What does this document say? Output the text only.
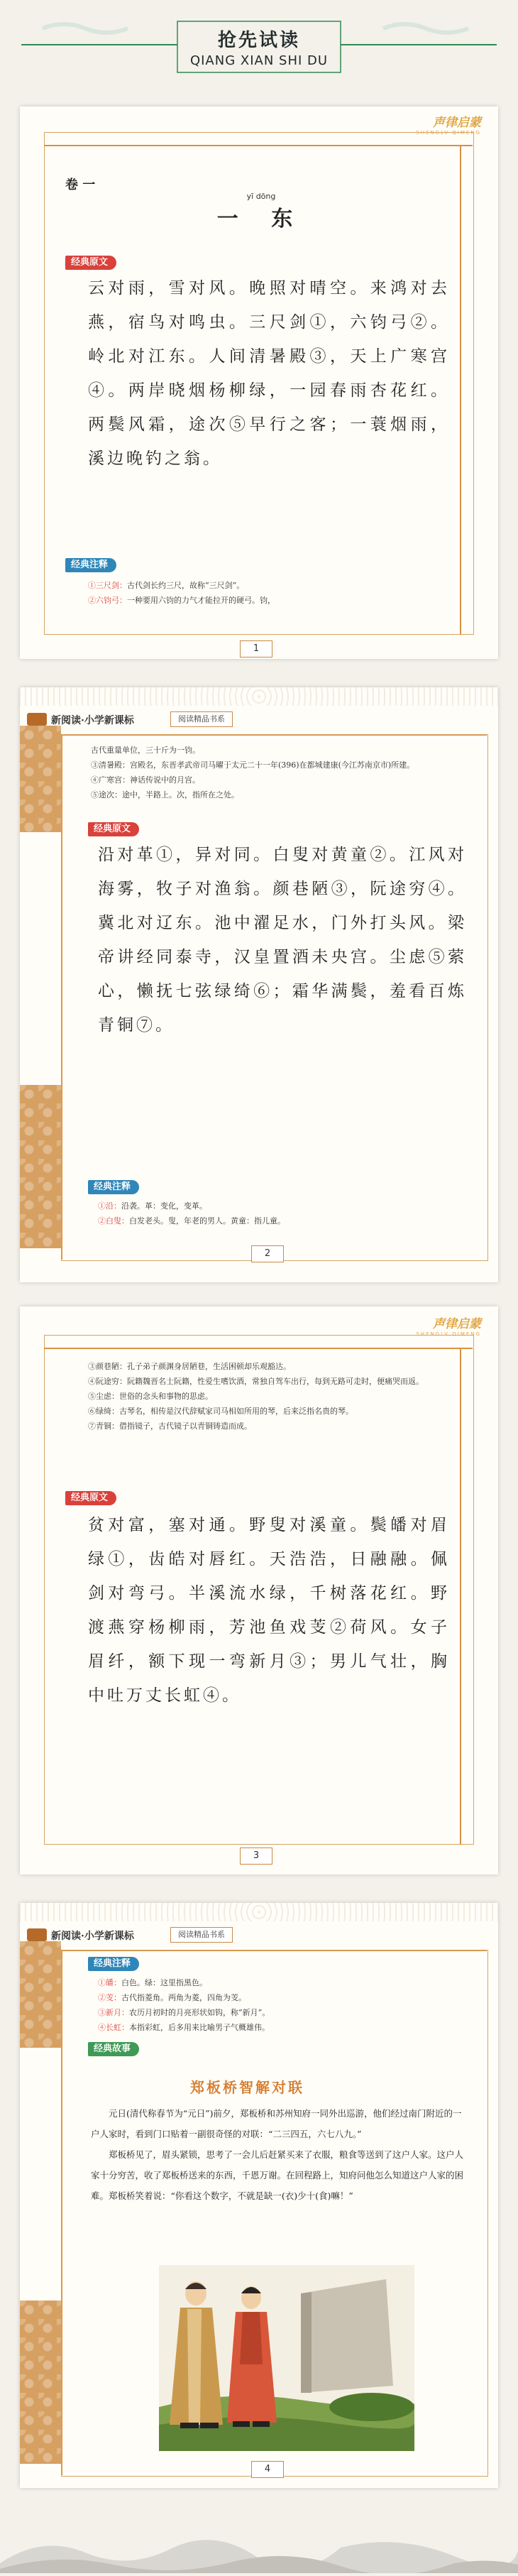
抢先试读
QIANG XIAN SHI DU
声律启蒙
SHENGLV QIMENG
卷 一
yī dōng
一 东
经典原文
云对雨，雪对风。晚照对晴空。来鸿对去燕，宿鸟对鸣虫。三尺剑①，六钧弓②。岭北对江东。人间清暑殿③，天上广寒宫④。两岸晓烟杨柳绿，一园春雨杏花红。两鬓风霜，途次⑤早行之客；一蓑烟雨，溪边晚钓之翁。
经典注释
①三尺剑：古代剑长约三尺，故称“三尺剑”。
②六钧弓：一种要用六钧的力气才能拉开的硬弓。钧，
1
新阅读·小学新课标	阅读精品书系
古代重量单位，三十斤为一钧。
③清暑殿：宫殿名，东晋孝武帝司马曜于太元二十一年(396)在都城建康(今江苏南京市)所建。
④广寒宫：神话传说中的月宫。
⑤途次：途中，半路上。次，指所在之处。
经典原文
沿对革①，异对同。白叟对黄童②。江风对海雾，牧子对渔翁。颜巷陋③，阮途穷④。冀北对辽东。池中濯足水，门外打头风。梁帝讲经同泰寺，汉皇置酒未央宫。尘虑⑤萦心，懒抚七弦绿绮⑥；霜华满鬓，羞看百炼青铜⑦。
经典注释
①沿：沿袭。革：变化，变革。
②白叟：白发老头。叟，年老的男人。黄童：指儿童。
2
声律启蒙
SHENGLV QIMENG
③颜巷陋：孔子弟子颜渊身居陋巷，生活困顿却乐观豁达。
④阮途穷：阮籍魏晋名士阮籍，性爱生嗜饮酒，常独自驾车出行，每到无路可走时，便痛哭而返。
⑤尘虑：世俗的念头和事物的思虑。
⑥绿绮：古琴名，相传是汉代辞赋家司马相如所用的琴，后来泛指名贵的琴。
⑦青铜：借指镜子，古代镜子以青铜铸造而成。
经典原文
贫对富，塞对通。野叟对溪童。鬓皤对眉绿①，齿皓对唇红。天浩浩，日融融。佩剑对弯弓。半溪流水绿，千树落花红。野渡燕穿杨柳雨，芳池鱼戏芰②荷风。女子眉纤，额下现一弯新月③；男儿气壮，胸中吐万丈长虹④。
3
新阅读·小学新课标	阅读精品书系
经典注释
①皤：白色。绿：这里指黑色。
②芰：古代指菱角。两角为菱，四角为芰。
③新月：农历月初时的月亮形状如钩，称“新月”。
④长虹：本指彩虹，后多用来比喻男子气概雄伟。
经典故事
郑板桥智解对联
元日(清代称春节为“元日”)前夕，郑板桥和苏州知府一同外出巡游，他们经过南门附近的一户人家时，看到门口贴着一副很奇怪的对联：“二三四五，六七八九。”
郑板桥见了，眉头紧锁，思考了一会儿后赶紧买来了衣服，粮食等送到了这户人家。这户人家十分穷苦，收了郑板桥送来的东西，千恩万谢。在回程路上，知府问他怎么知道这户人家的困难。郑板桥笑着说：“你看这个数字，不就是缺一(衣)少十(食)嘛！”
4
